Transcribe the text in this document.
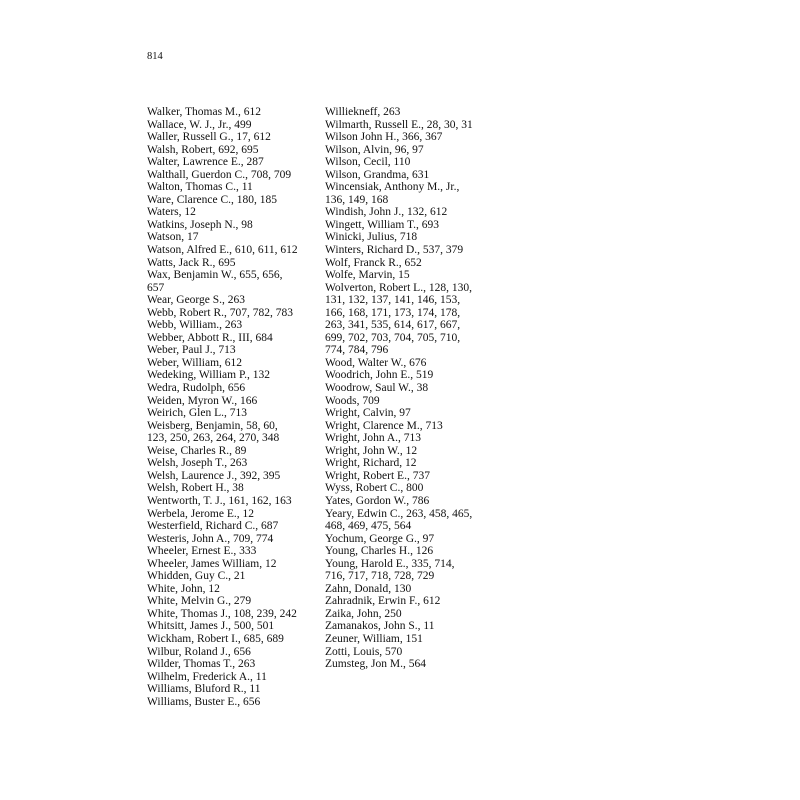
814
Walker, Thomas M., 612
Wallace, W. J., Jr., 499
Waller, Russell G., 17, 612
Walsh, Robert, 692, 695
Walter, Lawrence E., 287
Walthall, Guerdon C., 708, 709
Walton, Thomas C., 11
Ware, Clarence C., 180, 185
Waters, 12
Watkins, Joseph N., 98
Watson, 17
Watson, Alfred E., 610, 611, 612
Watts, Jack R., 695
Wax, Benjamin W., 655, 656,
657
Wear, George S., 263
Webb, Robert R., 707, 782, 783
Webb, William., 263
Webber, Abbott R., III, 684
Weber, Paul J., 713
Weber, William, 612
Wedeking, William P., 132
Wedra, Rudolph, 656
Weiden, Myron W., 166
Weirich, Glen L., 713
Weisberg, Benjamin, 58, 60,
123, 250, 263, 264, 270, 348
Weise, Charles R., 89
Welsh, Joseph T., 263
Welsh, Laurence J., 392, 395
Welsh, Robert H., 38
Wentworth, T. J., 161, 162, 163
Werbela, Jerome E., 12
Westerfield, Richard C., 687
Westeris, John A., 709, 774
Wheeler, Ernest E., 333
Wheeler, James William, 12
Whidden, Guy C., 21
White, John, 12
White, Melvin G., 279
White, Thomas J., 108, 239, 242
Whitsitt, James J., 500, 501
Wickham, Robert I., 685, 689
Wilbur, Roland J., 656
Wilder, Thomas T., 263
Wilhelm, Frederick A., 11
Williams, Bluford R., 11
Williams, Buster E., 656
Williekneff, 263
Wilmarth, Russell E., 28, 30, 31
Wilson John H., 366, 367
Wilson, Alvin, 96, 97
Wilson, Cecil, 110
Wilson, Grandma, 631
Wincensiak, Anthony M., Jr.,
136, 149, 168
Windish, John J., 132, 612
Wingett, William T., 693
Winicki, Julius, 718
Winters, Richard D., 537, 379
Wolf, Franck R., 652
Wolfe, Marvin, 15
Wolverton, Robert L., 128, 130,
131, 132, 137, 141, 146, 153,
166, 168, 171, 173, 174, 178,
263, 341, 535, 614, 617, 667,
699, 702, 703, 704, 705, 710,
774, 784, 796
Wood, Walter W., 676
Woodrich, John E., 519
Woodrow, Saul W., 38
Woods, 709
Wright, Calvin, 97
Wright, Clarence M., 713
Wright, John A., 713
Wright, John W., 12
Wright, Richard, 12
Wright, Robert E., 737
Wyss, Robert C., 800
Yates, Gordon W., 786
Yeary, Edwin C., 263, 458, 465,
468, 469, 475, 564
Yochum, George G., 97
Young, Charles H., 126
Young, Harold E., 335, 714,
716, 717, 718, 728, 729
Zahn, Donald, 130
Zahradnik, Erwin F., 612
Zaika, John, 250
Zamanakos, John S., 11
Zeuner, William, 151
Zotti, Louis, 570
Zumsteg, Jon M., 564
